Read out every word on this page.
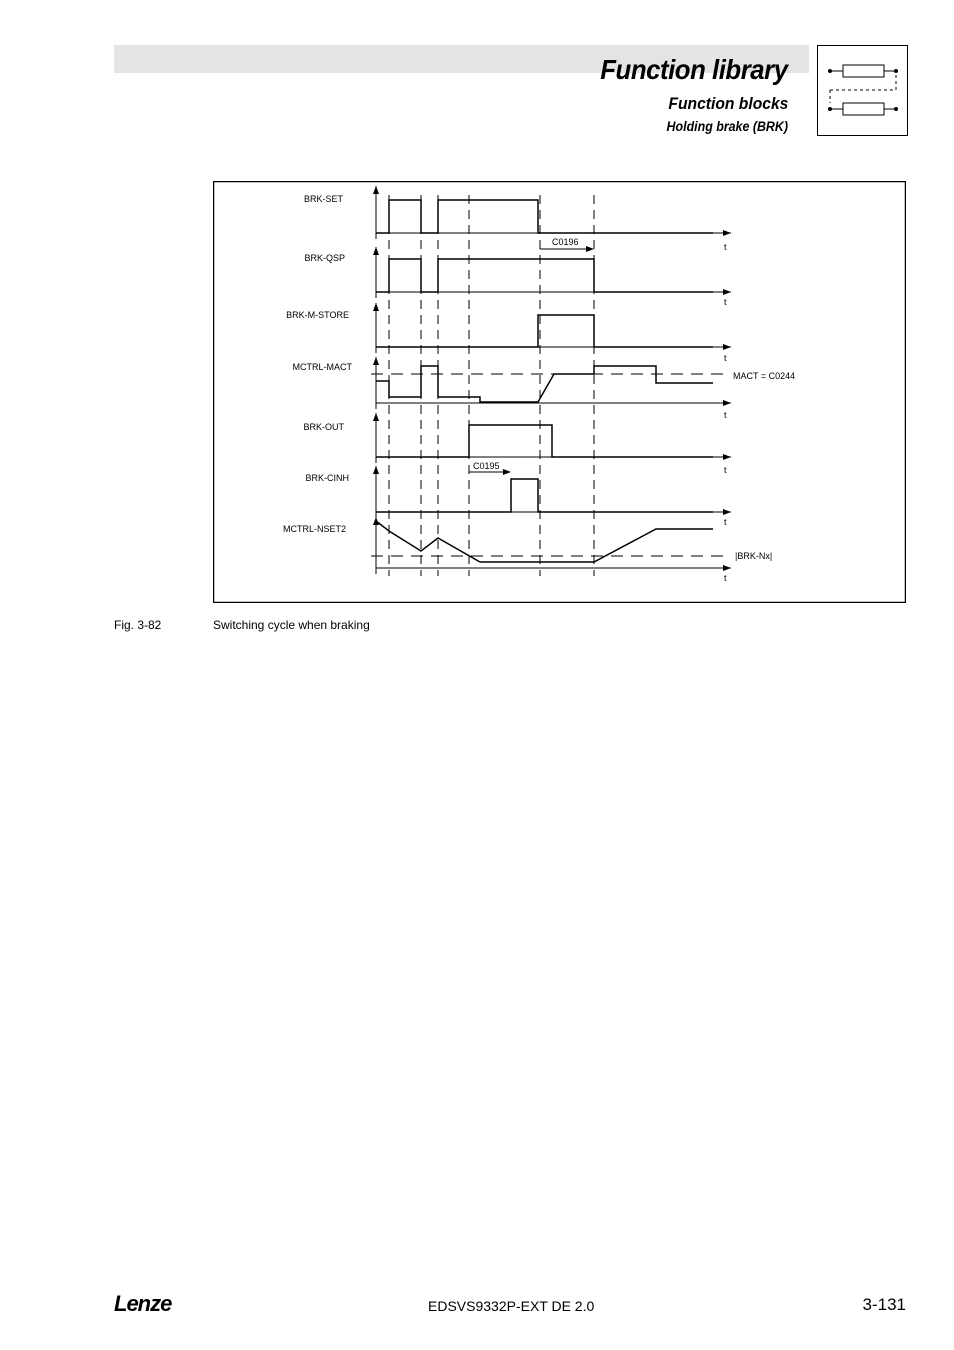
Function library
Function blocks
Holding brake (BRK)
BRK-SET
BRK-QSP
BRK-M-STORE
MCTRL-MACT
BRK-OUT
BRK-CINH
MCTRL-NSET2
t
t
t
t
t
t
t
C0196
C0195
MACT = C0244
|BRK-Nx|
Fig. 3-82	Switching cycle when braking
Lenze	EDSVS9332P-EXT DE 2.0	3-131
